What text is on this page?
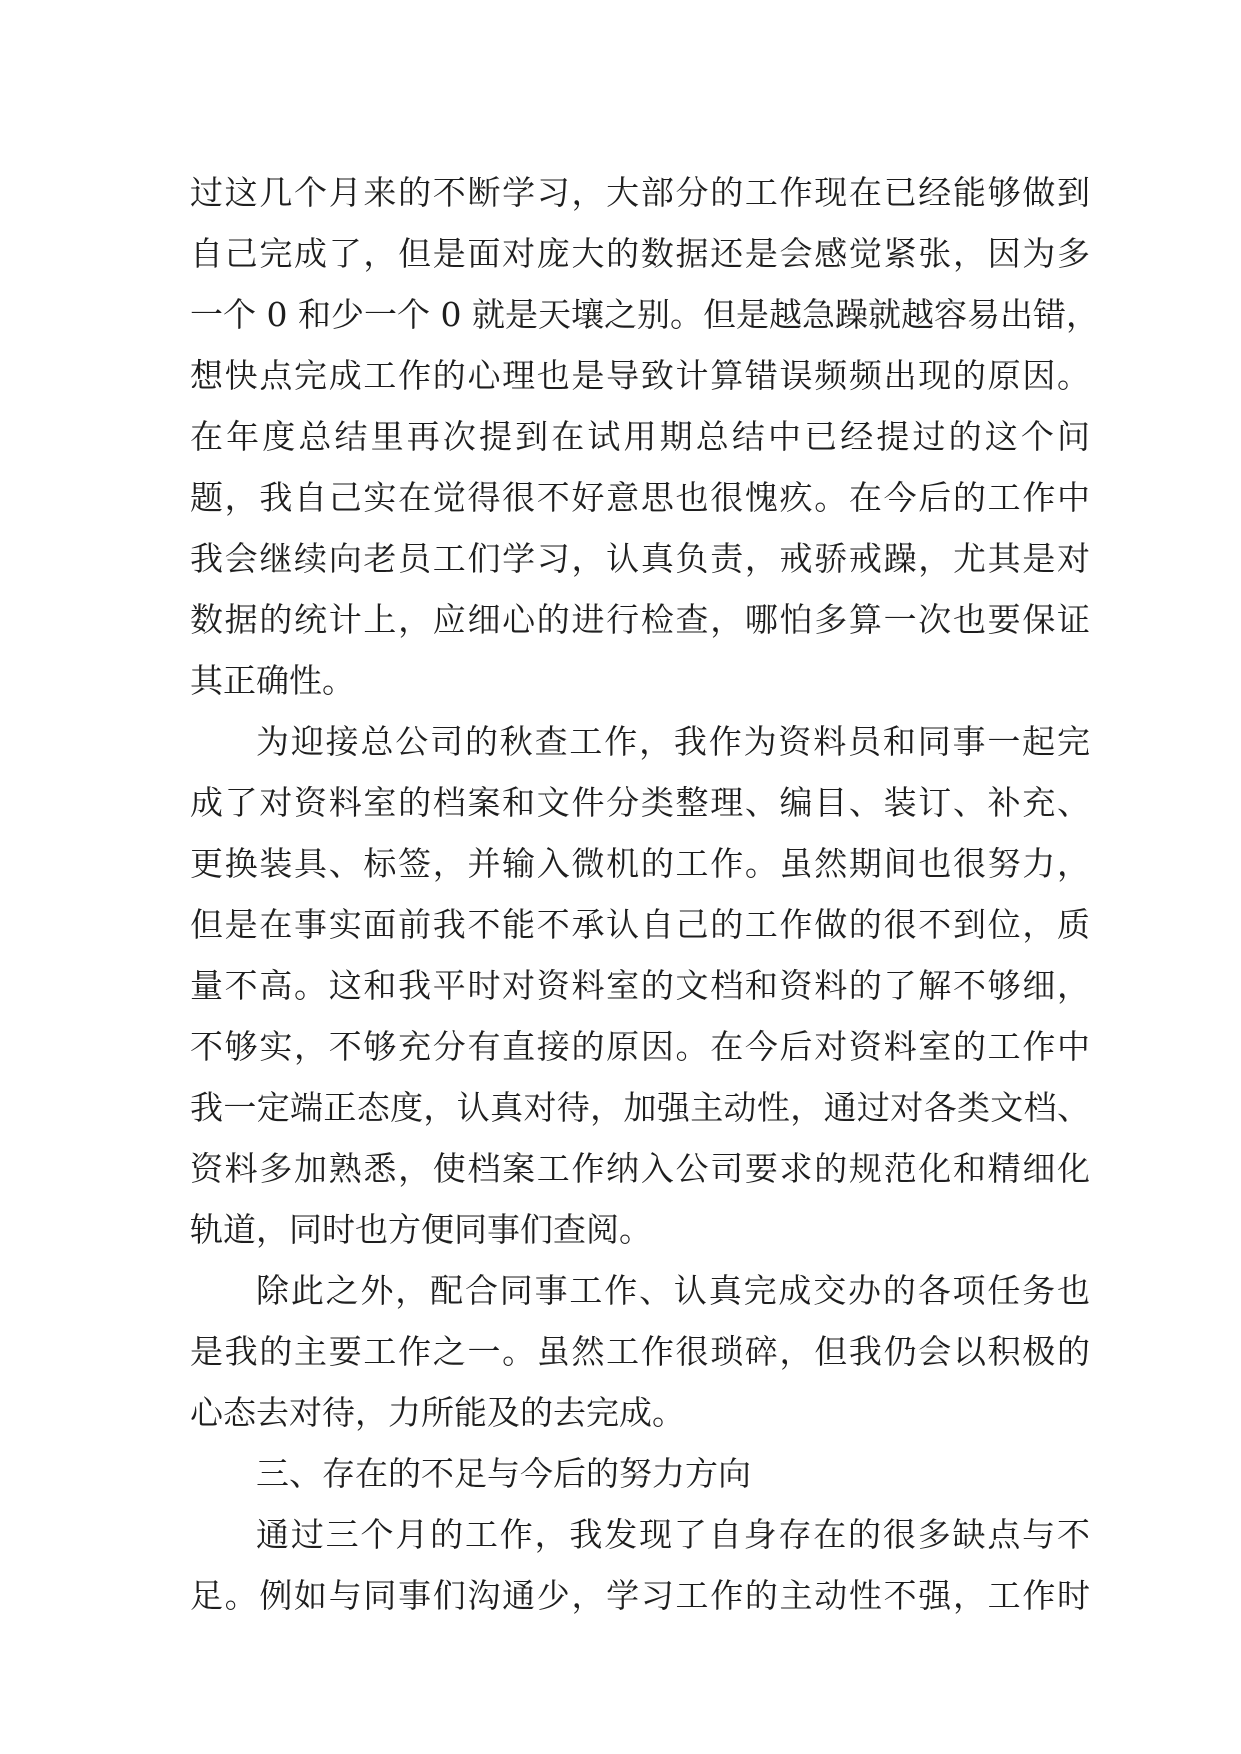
过这几个月来的不断学习，大部分的工作现在已经能够做到
自己完成了，但是面对庞大的数据还是会感觉紧张，因为多
一个 0 和少一个 0 就是天壤之别。但是越急躁就越容易出错，
想快点完成工作的心理也是导致计算错误频频出现的原因。
在年度总结里再次提到在试用期总结中已经提过的这个问
题，我自己实在觉得很不好意思也很愧疚。在今后的工作中
我会继续向老员工们学习，认真负责，戒骄戒躁，尤其是对
数据的统计上，应细心的进行检查，哪怕多算一次也要保证
其正确性。
为迎接总公司的秋查工作，我作为资料员和同事一起完
成了对资料室的档案和文件分类整理、编目、装订、补充、
更换装具、标签，并输入微机的工作。虽然期间也很努力，
但是在事实面前我不能不承认自己的工作做的很不到位，质
量不高。这和我平时对资料室的文档和资料的了解不够细，
不够实，不够充分有直接的原因。在今后对资料室的工作中
我一定端正态度，认真对待，加强主动性，通过对各类文档、
资料多加熟悉，使档案工作纳入公司要求的规范化和精细化
轨道，同时也方便同事们查阅。
除此之外，配合同事工作、认真完成交办的各项任务也
是我的主要工作之一。虽然工作很琐碎，但我仍会以积极的
心态去对待，力所能及的去完成。
三、存在的不足与今后的努力方向
通过三个月的工作，我发现了自身存在的很多缺点与不
足。例如与同事们沟通少，学习工作的主动性不强，工作时
